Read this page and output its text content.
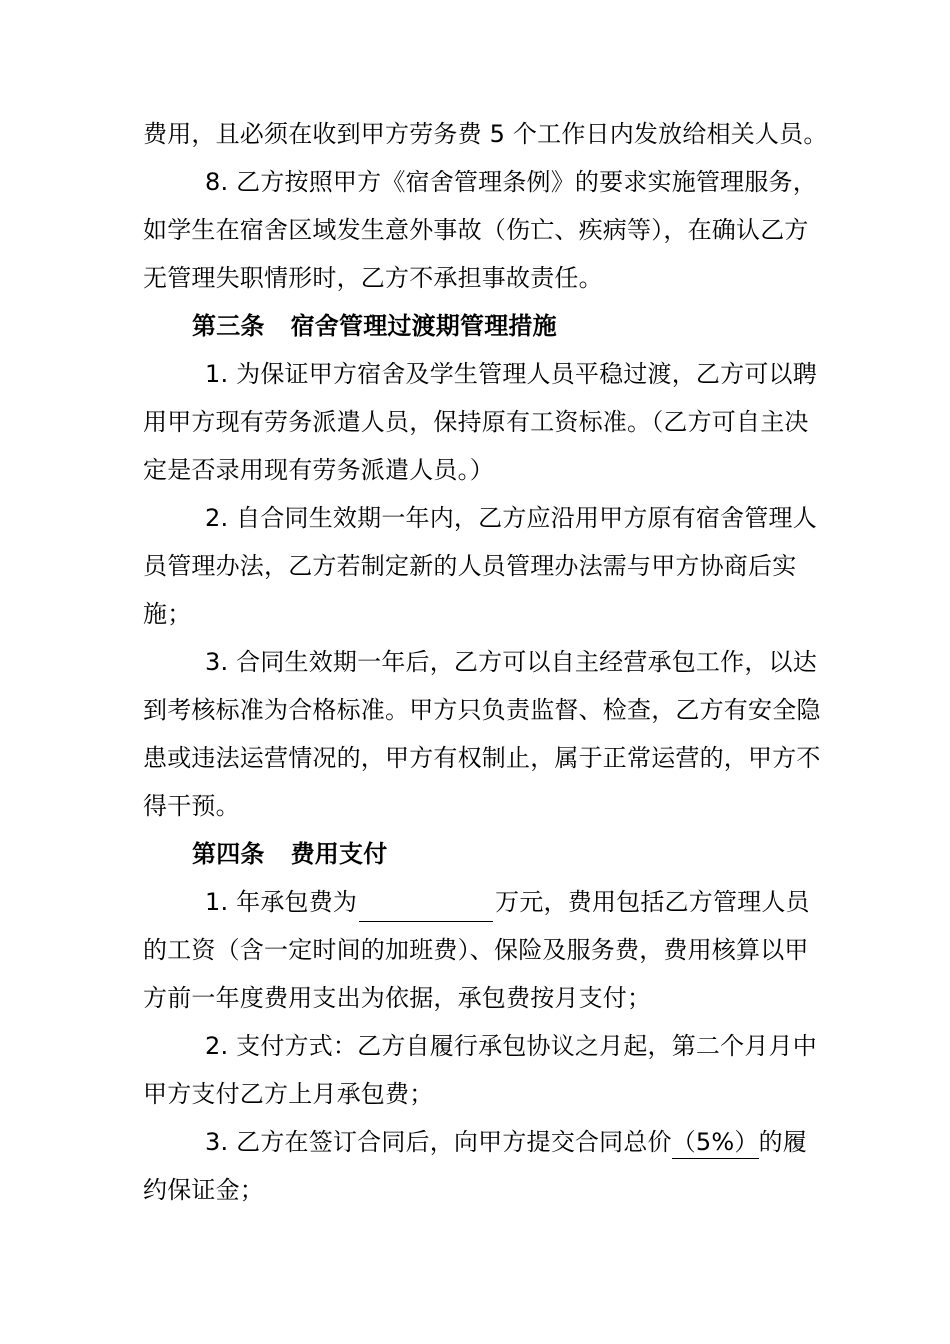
费用，且必须在收到甲方劳务费 5 个工作日内发放给相关人员。
8. 乙方按照甲方《宿舍管理条例》的要求实施管理服务，
如学生在宿舍区域发生意外事故（伤亡、疾病等），在确认乙方
无管理失职情形时，乙方不承担事故责任。
第三条 宿舍管理过渡期管理措施
1. 为保证甲方宿舍及学生管理人员平稳过渡，乙方可以聘
用甲方现有劳务派遣人员，保持原有工资标准。（乙方可自主决
定是否录用现有劳务派遣人员。）
2. 自合同生效期一年内，乙方应沿用甲方原有宿舍管理人
员管理办法，乙方若制定新的人员管理办法需与甲方协商后实
施；
3. 合同生效期一年后，乙方可以自主经营承包工作，以达
到考核标准为合格标准。甲方只负责监督、检查，乙方有安全隐
患或违法运营情况的，甲方有权制止，属于正常运营的，甲方不
得干预。
第四条 费用支付
1. 年承包费为	万元，费用包括乙方管理人员
的工资（含一定时间的加班费）、保险及服务费，费用核算以甲
方前一年度费用支出为依据，承包费按月支付；
2. 支付方式：乙方自履行承包协议之月起，第二个月月中
甲方支付乙方上月承包费；
3. 乙方在签订合同后，向甲方提交合同总价（5%）的履
约保证金；
